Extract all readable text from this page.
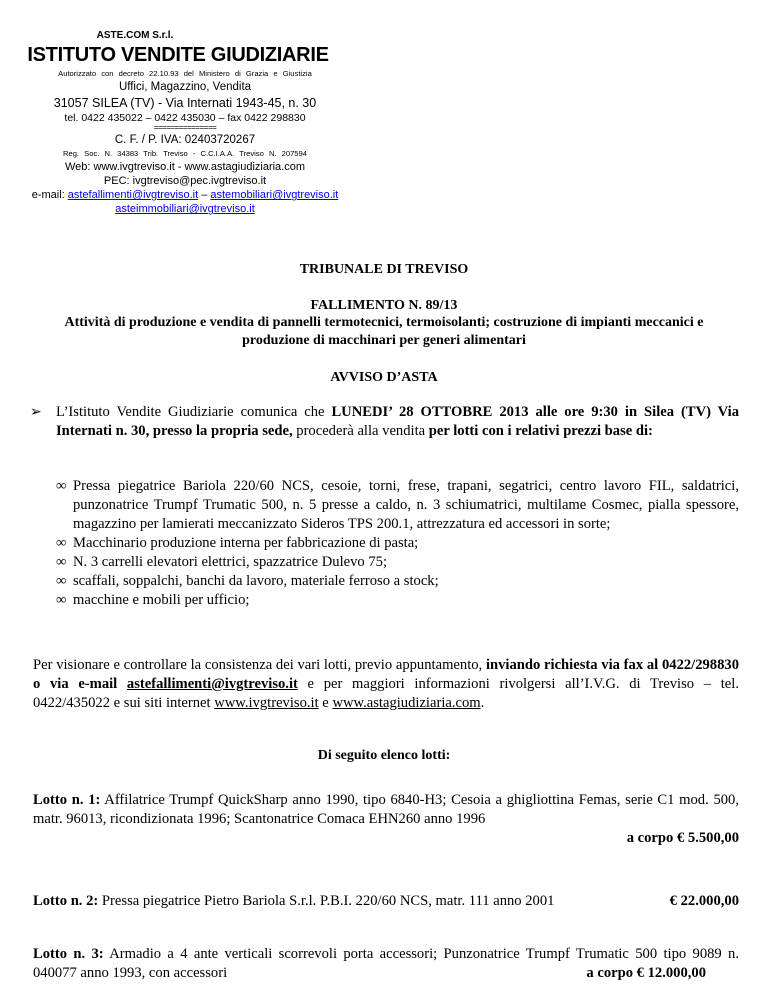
ASTE.COM S.r.l.
ISTITUTO VENDITE GIUDIZIARIE
Autorizzato con decreto 22.10.93 del Ministero di Grazia e Giustizia
Uffici, Magazzino, Vendita
31057 SILEA (TV) - Via Internati 1943-45, n. 30
tel. 0422 435022 – 0422 435030 – fax 0422 298830
===============
C. F. / P. IVA: 02403720267
Reg. Soc. N. 34383 Trib. Treviso - C.C.I.A.A. Treviso N. 207594
Web: www.ivgtreviso.it - www.astagiudiziaria.com
PEC: ivgtreviso@pec.ivgtreviso.it
e-mail: astefallimenti@ivgtreviso.it – astemobiliari@ivgtreviso.it
asteimmobiliari@ivgtreviso.it
TRIBUNALE DI TREVISO
FALLIMENTO N. 89/13
Attività di produzione e vendita di pannelli termotecnici, termoisolanti; costruzione di impianti meccanici e produzione di macchinari per generi alimentari
AVVISO D’ASTA
➢ L’Istituto Vendite Giudiziarie comunica che LUNEDI’ 28 OTTOBRE 2013 alle ore 9:30 in Silea (TV) Via Internati n. 30, presso la propria sede, procederà alla vendita per lotti con i relativi prezzi base di:
∞ Pressa piegatrice Bariola 220/60 NCS, cesoie, torni, frese, trapani, segatrici, centro lavoro FIL, saldatrici, punzonatrice Trumpf Trumatic 500, n. 5 presse a caldo, n. 3 schiumatrici, multilame Cosmec, pialla spessore, magazzino per lamierati meccanizzato Sideros TPS 200.1, attrezzatura ed accessori in sorte;
∞ Macchinario produzione interna per fabbricazione di pasta;
∞ N. 3 carrelli elevatori elettrici, spazzatrice Dulevo 75;
∞ scaffali, soppalchi, banchi da lavoro, materiale ferroso a stock;
∞ macchine e mobili per ufficio;
Per visionare e controllare la consistenza dei vari lotti, previo appuntamento, inviando richiesta via fax al 0422/298830 o via e-mail astefallimenti@ivgtreviso.it e per maggiori informazioni rivolgersi all’I.V.G. di Treviso – tel. 0422/435022 e sui siti internet www.ivgtreviso.it e www.astagiudiziaria.com.
Di seguito elenco lotti:
Lotto n. 1: Affilatrice Trumpf QuickSharp anno 1990, tipo 6840-H3; Cesoia a ghigliottina Femas, serie C1 mod. 500, matr. 96013, ricondizionata 1996; Scantonatrice Comaca EHN260 anno 1996
a corpo € 5.500,00
Lotto n. 2: Pressa piegatrice Pietro Bariola S.r.l. P.B.I. 220/60 NCS, matr. 111 anno 2001	€ 22.000,00
Lotto n. 3: Armadio a 4 ante verticali scorrevoli porta accessori; Punzonatrice Trumpf Trumatic 500 tipo 9089 n. 040077 anno 1993, con accessori	a corpo € 12.000,00
